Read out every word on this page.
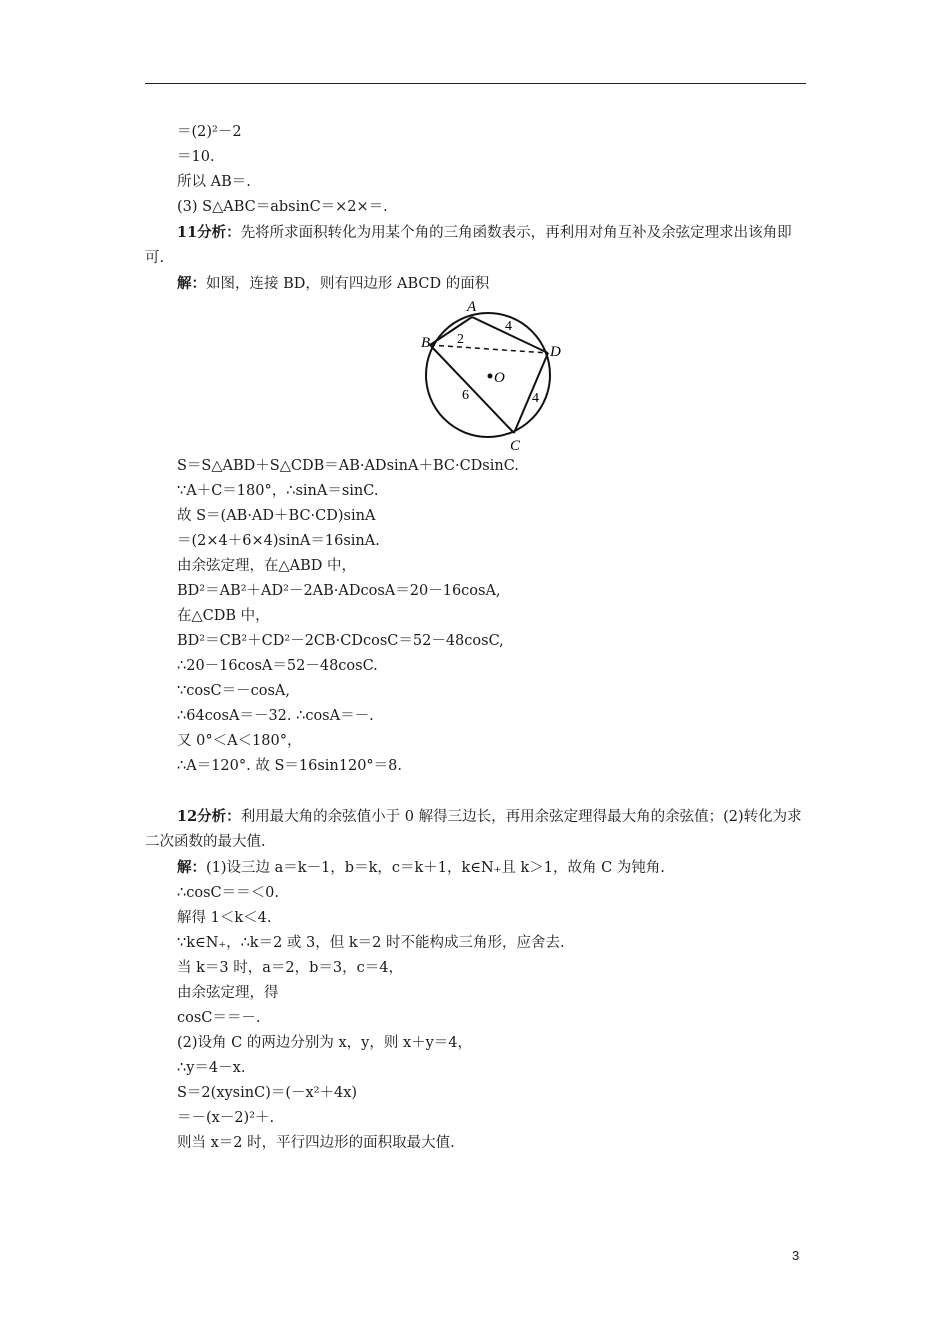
＝(2)²－2
＝10.
所以 AB＝.
(3) S△ABC＝absinC＝×2×＝.
11分析：先将所求面积转化为用某个角的三角函数表示，再利用对角互补及余弦定理求出该角即可.
解：如图，连接 BD，则有四边形 ABCD 的面积
A
B
C
D
O
2
4
6	4
S＝S△ABD＋S△CDB＝AB·ADsinA＋BC·CDsinC.
∵A＋C＝180°，∴sinA＝sinC.
故 S＝(AB·AD＋BC·CD)sinA
＝(2×4＋6×4)sinA＝16sinA.
由余弦定理，在△ABD 中，
BD²＝AB²＋AD²－2AB·ADcosA＝20－16cosA,
在△CDB 中，
BD²＝CB²＋CD²－2CB·CDcosC＝52－48cosC,
∴20－16cosA＝52－48cosC.
∵cosC＝－cosA,
∴64cosA＝－32. ∴cosA＝－.
又 0°＜A＜180°，
∴A＝120°. 故 S＝16sin120°＝8.
12分析：利用最大角的余弦值小于 0 解得三边长，再用余弦定理得最大角的余弦值；(2)转化为求二次函数的最大值.
解：(1)设三边 a＝k－1，b＝k，c＝k＋1，k∈N₊且 k＞1，故角 C 为钝角.
∴cosC＝＝＜0.
解得 1＜k＜4.
∵k∈N₊，∴k＝2 或 3，但 k＝2 时不能构成三角形，应舍去.
当 k＝3 时，a＝2，b＝3，c＝4，
由余弦定理，得
cosC＝＝－.
(2)设角 C 的两边分别为 x，y，则 x＋y＝4，
∴y＝4－x.
S＝2(xysinC)＝(－x²＋4x)
＝－(x－2)²＋.
则当 x＝2 时，平行四边形的面积取最大值.
3
